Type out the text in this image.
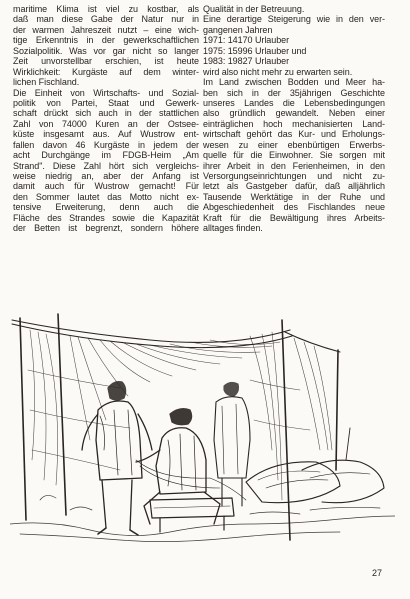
maritime Klima ist viel zu kostbar, als
daß man diese Gabe der Natur nur in
der warmen Jahreszeit nutzt – eine wich-
tige Erkenntnis in der gewerkschaftlichen
Sozialpolitik. Was vor gar nicht so langer
Zeit unvorstellbar erschien, ist heute
Wirklichkeit: Kurgäste auf dem winter-
lichen Fischland.
Die Einheit von Wirtschafts- und Sozial-
politik von Partei, Staat und Gewerk-
schaft drückt sich auch in der stattlichen
Zahl von 74000 Kuren an der Ostsee-
küste insgesamt aus. Auf Wustrow ent-
fallen davon 46 Kurgäste in jedem der
acht Durchgänge im FDGB-Heim „Am
Strand". Diese Zahl hört sich vergleichs-
weise niedrig an, aber der Anfang ist
damit auch für Wustrow gemacht! Für
den Sommer lautet das Motto nicht ex-
tensive Erweiterung, denn auch die
Fläche des Strandes sowie die Kapazität
der Betten ist begrenzt, sondern höhere
Qualität in der Betreuung.
Eine derartige Steigerung wie in den ver-
gangenen Jahren
1971: 14170 Urlauber
1975: 15996 Urlauber und
1983: 19827 Urlauber
wird also nicht mehr zu erwarten sein.
Im Land zwischen Bodden und Meer ha-
ben sich in der 35jährigen Geschichte
unseres Landes die Lebensbedingungen
also gründlich gewandelt. Neben einer
einträglichen hoch mechanisierten Land-
wirtschaft gehört das Kur- und Erholungs-
wesen zu einer ebenbürtigen Erwerbs-
quelle für die Einwohner. Sie sorgen mit
ihrer Arbeit in den Ferienheimen, in den
Versorgungseinrichtungen und nicht zu-
letzt als Gastgeber dafür, daß alljährlich
Tausende Werktätige in der Ruhe und
Abgeschiedenheit des Fischlandes neue
Kraft für die Bewältigung ihres Arbeits-
alltages finden.
27
